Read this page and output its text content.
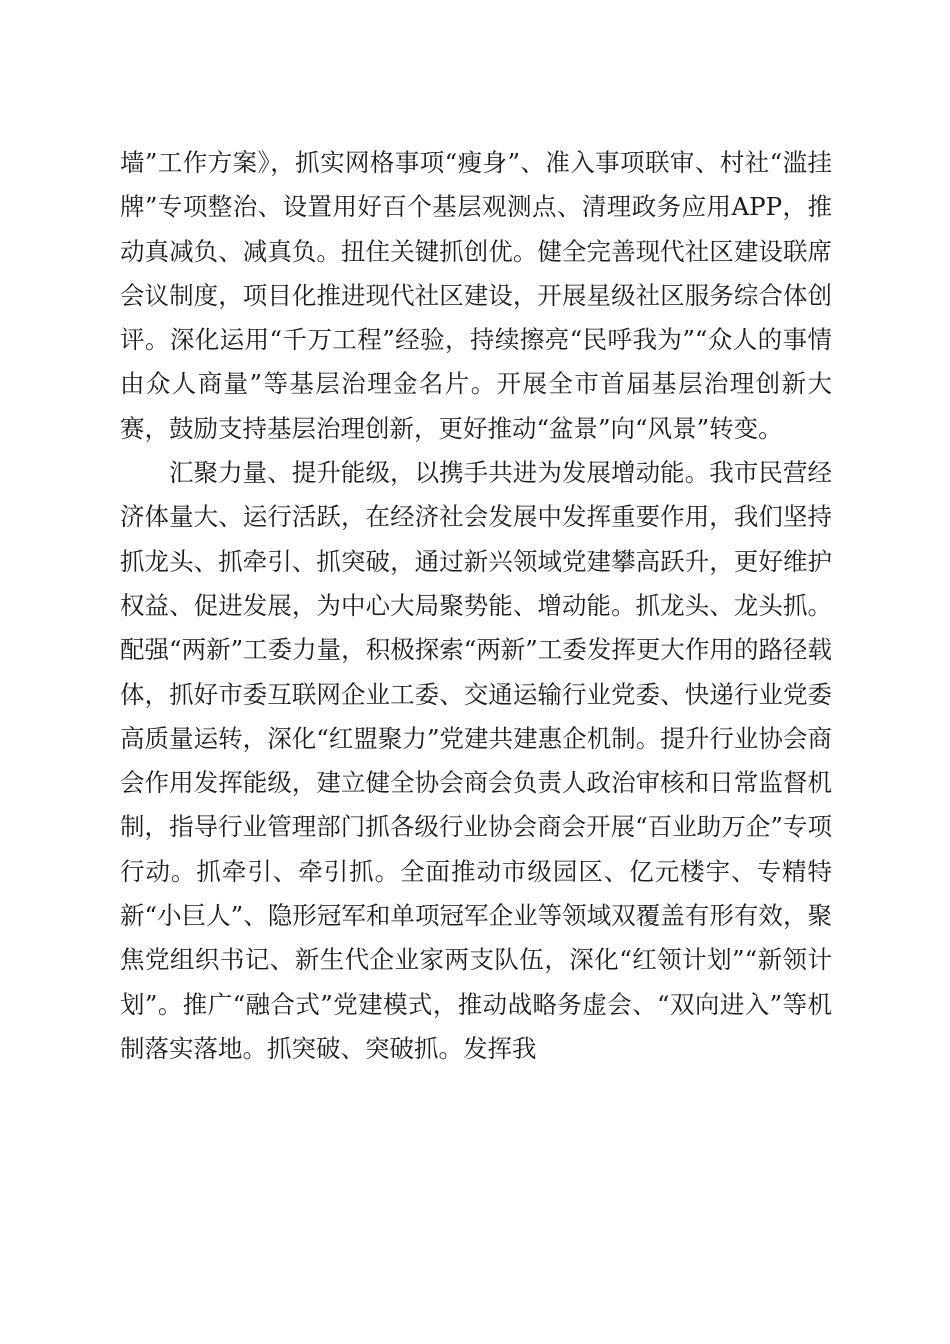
墙”工作方案》，抓实网格事项“瘦身”、准入事项联审、村社“滥挂牌”专项整治、设置用好百个基层观测点、清理政务应用APP，推动真减负、减真负。扭住关键抓创优。健全完善现代社区建设联席会议制度，项目化推进现代社区建设，开展星级社区服务综合体创评。深化运用“千万工程”经验，持续擦亮“民呼我为”“众人的事情由众人商量”等基层治理金名片。开展全市首届基层治理创新大赛，鼓励支持基层治理创新，更好推动“盆景”向“风景”转变。

汇聚力量、提升能级，以携手共进为发展增动能。我市民营经济体量大、运行活跃，在经济社会发展中发挥重要作用，我们坚持抓龙头、抓牵引、抓突破，通过新兴领域党建攀高跃升，更好维护权益、促进发展，为中心大局聚势能、增动能。抓龙头、龙头抓。配强“两新”工委力量，积极探索“两新”工委发挥更大作用的路径载体，抓好市委互联网企业工委、交通运输行业党委、快递行业党委高质量运转，深化“红盟聚力”党建共建惠企机制。提升行业协会商会作用发挥能级，建立健全协会商会负责人政治审核和日常监督机制，指导行业管理部门抓各级行业协会商会开展“百业助万企”专项行动。抓牵引、牵引抓。全面推动市级园区、亿元楼宇、专精特新“小巨人”、隐形冠军和单项冠军企业等领域双覆盖有形有效，聚焦党组织书记、新生代企业家两支队伍，深化“红领计划”“新领计划”。推广“融合式”党建模式，推动战略务虚会、“双向进入”等机制落实落地。抓突破、突破抓。发挥我
